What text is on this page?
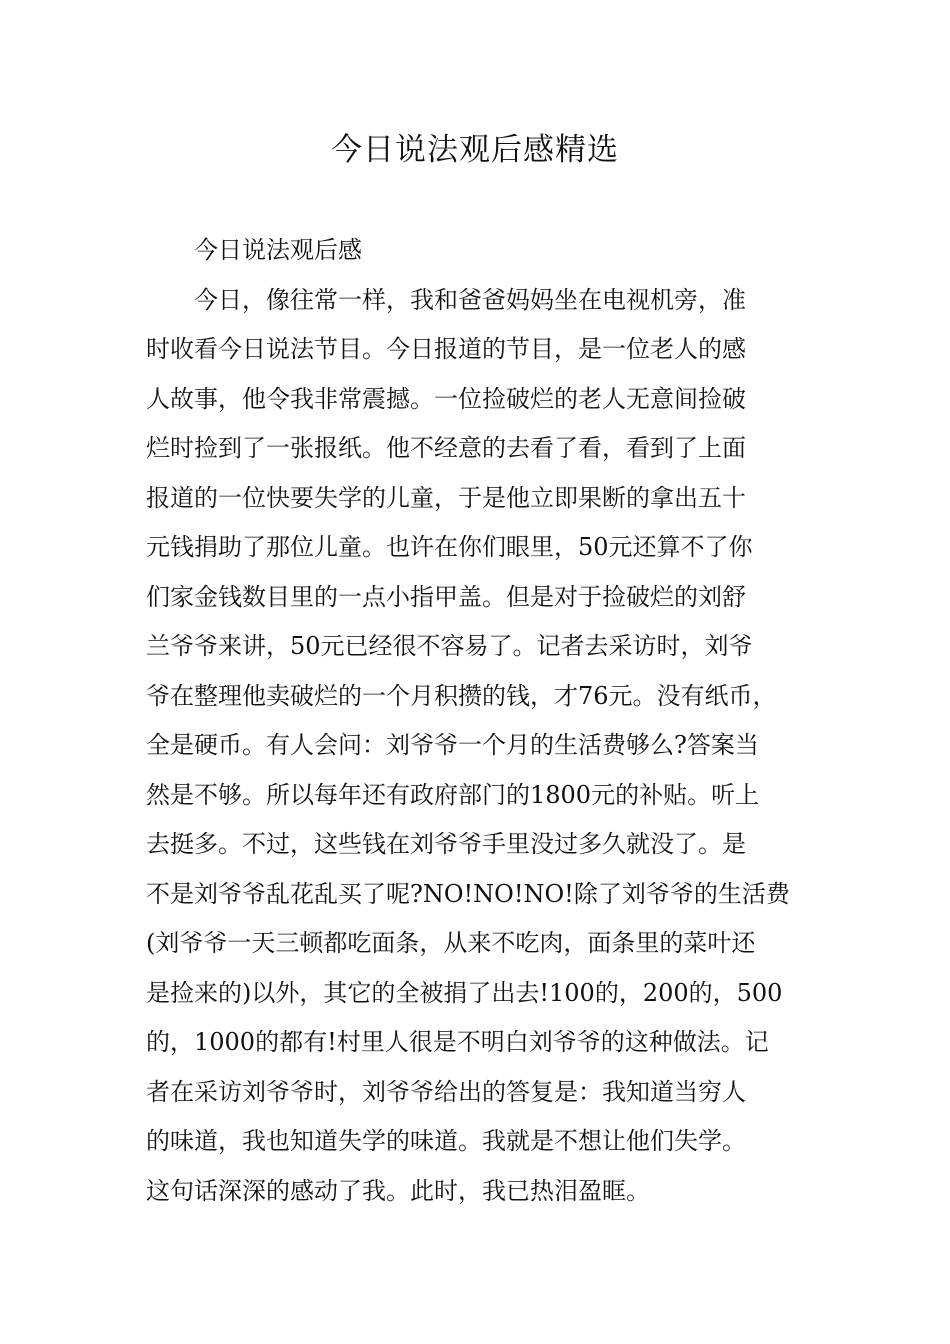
今日说法观后感精选
今日说法观后感
今日，像往常一样，我和爸爸妈妈坐在电视机旁，准
时收看今日说法节目。今日报道的节目，是一位老人的感
人故事，他令我非常震撼。一位捡破烂的老人无意间捡破
烂时捡到了一张报纸。他不经意的去看了看，看到了上面
报道的一位快要失学的儿童，于是他立即果断的拿出五十
元钱捐助了那位儿童。也许在你们眼里，50元还算不了你
们家金钱数目里的一点小指甲盖。但是对于捡破烂的刘舒
兰爷爷来讲，50元已经很不容易了。记者去采访时，刘爷
爷在整理他卖破烂的一个月积攒的钱，才76元。没有纸币，
全是硬币。有人会问：刘爷爷一个月的生活费够么?答案当
然是不够。所以每年还有政府部门的1800元的补贴。听上
去挺多。不过，这些钱在刘爷爷手里没过多久就没了。是
不是刘爷爷乱花乱买了呢?NO!NO!NO!除了刘爷爷的生活费
(刘爷爷一天三顿都吃面条，从来不吃肉，面条里的菜叶还
是捡来的)以外，其它的全被捐了出去!100的，200的，500
的，1000的都有!村里人很是不明白刘爷爷的这种做法。记
者在采访刘爷爷时，刘爷爷给出的答复是：我知道当穷人
的味道，我也知道失学的味道。我就是不想让他们失学。
这句话深深的感动了我。此时，我已热泪盈眶。
